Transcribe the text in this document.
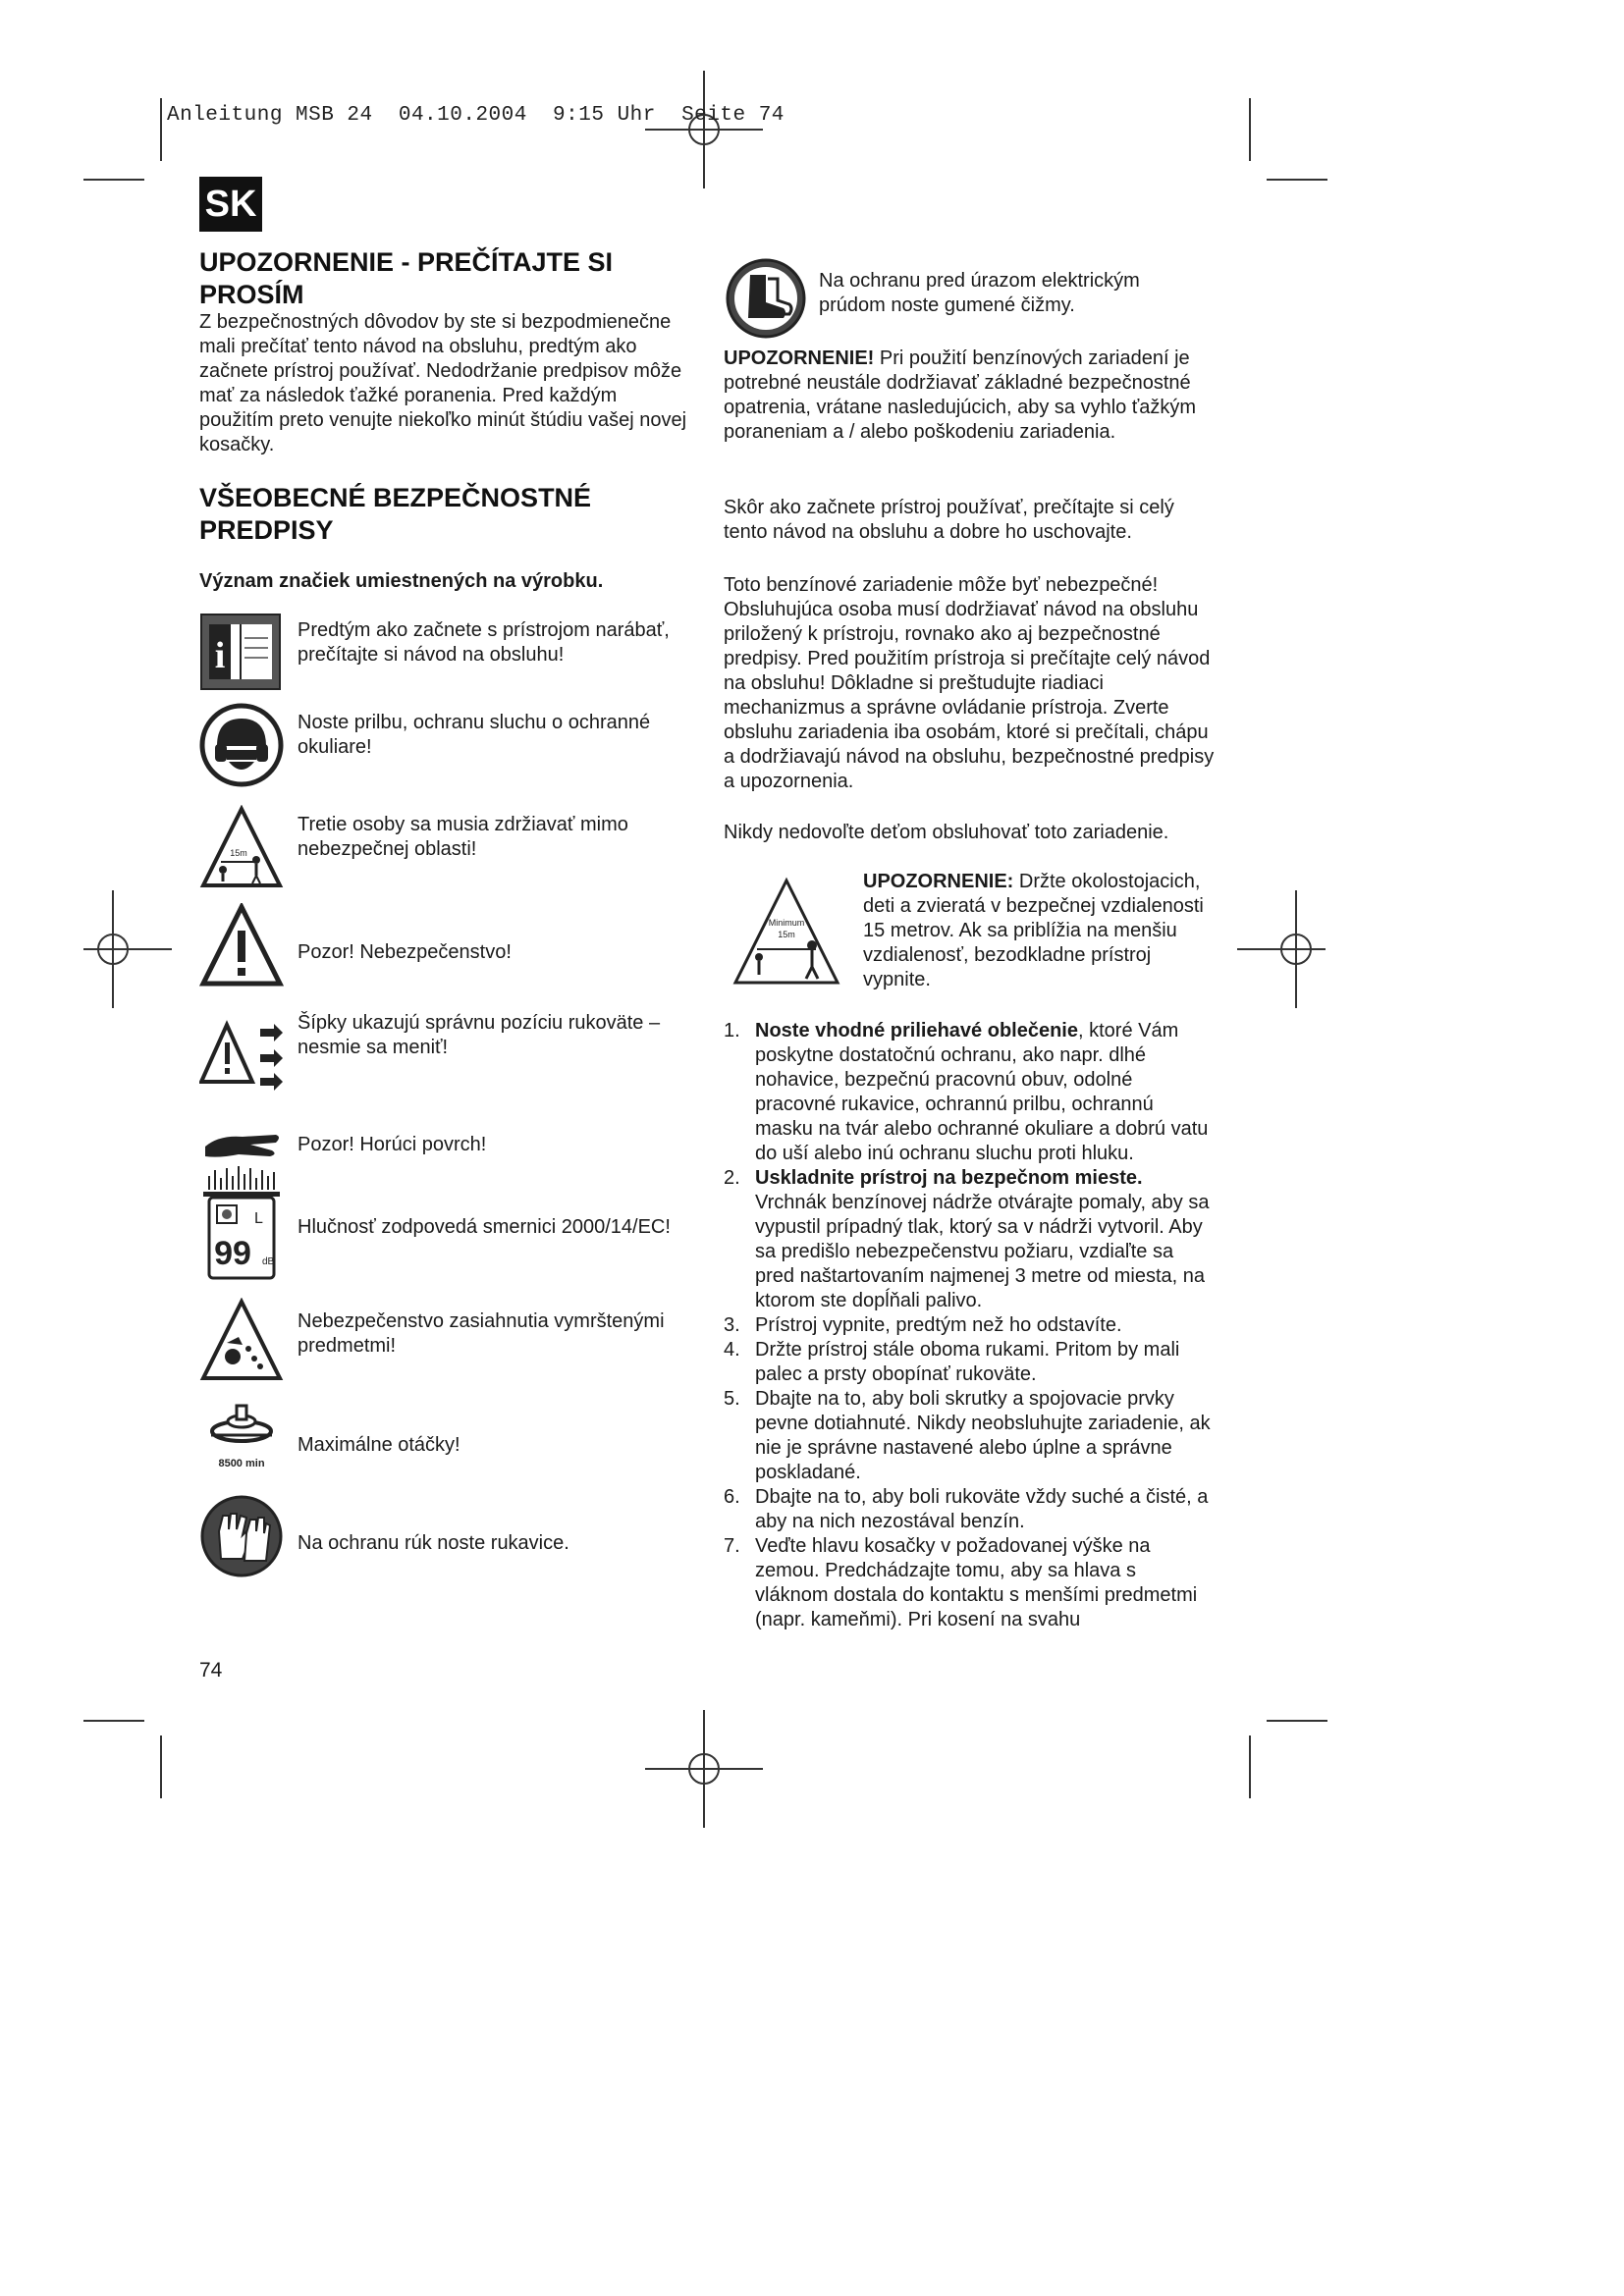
Anleitung MSB 24  04.10.2004  9:15 Uhr  Seite 74
SK
UPOZORNENIE - PREČÍTAJTE SI PROSÍM
Z bezpečnostných dôvodov by ste si bezpodmienečne mali prečítať tento návod na obsluhu, predtým ako začnete prístroj používať. Nedodržanie predpisov môže mať za následok ťažké poranenia. Pred každým použitím preto venujte niekoľko minút štúdiu vašej novej kosačky.
VŠEOBECNÉ BEZPEČNOSTNÉ PREDPISY
Význam značiek umiestnených na výrobku.
i
Predtým ako začnete s prístrojom narábať, prečítajte si návod na obsluhu!
Noste prilbu, ochranu sluchu o ochranné okuliare!
15m
Tretie osoby sa musia zdržiavať mimo nebezpečnej oblasti!
Pozor! Nebezpečenstvo!
Šípky ukazujú správnu pozíciu rukoväte – nesmie sa meniť!
Pozor! Horúci povrch!
L
99 dB
Hlučnosť zodpovedá smernici 2000/14/EC!
Nebezpečenstvo zasiahnutia vymrštenými predmetmi!
8500 min
Maximálne otáčky!
Na ochranu rúk noste rukavice.
Na ochranu pred úrazom elektrickým prúdom noste gumené čižmy.
UPOZORNENIE! Pri použití benzínových zariadení je potrebné neustále dodržiavať základné bezpečnostné opatrenia, vrátane nasledujúcich, aby sa vyhlo ťažkým poraneniam a / alebo poškodeniu zariadenia.
Skôr ako začnete prístroj používať, prečítajte si celý tento návod na obsluhu a dobre ho uschovajte.
Toto benzínové zariadenie môže byť nebezpečné! Obsluhujúca osoba musí dodržiavať návod na obsluhu priložený k prístroju, rovnako ako aj bezpečnostné predpisy. Pred použitím prístroja si prečítajte celý návod na obsluhu! Dôkladne si preštudujte riadiaci mechanizmus a správne ovládanie prístroja. Zverte obsluhu zariadenia iba osobám, ktoré si prečítali, chápu a dodržiavajú návod na obsluhu, bezpečnostné predpisy a upozornenia.
Nikdy nedovoľte deťom obsluhovať toto zariadenie.
Minimum
15m
UPOZORNENIE: Držte okolostojacich, deti a zvieratá v bezpečnej vzdialenosti 15 metrov. Ak sa priblížia na menšiu vzdialenosť, bezodkladne prístroj vypnite.
1. Noste vhodné priliehavé oblečenie, ktoré Vám poskytne dostatočnú ochranu, ako napr. dlhé nohavice, bezpečnú pracovnú obuv, odolné pracovné rukavice, ochrannú prilbu, ochrannú masku na tvár alebo ochranné okuliare a dobrú vatu do uší alebo inú ochranu sluchu proti hluku.
2. Uskladnite prístroj na bezpečnom mieste. Vrchnák benzínovej nádrže otvárajte pomaly, aby sa vypustil prípadný tlak, ktorý sa v nádrži vytvoril. Aby sa predišlo nebezpečenstvu požiaru, vzdiaľte sa pred naštartovaním najmenej 3 metre od miesta, na ktorom ste dopĺňali palivo.
3. Prístroj vypnite, predtým než ho odstavíte.
4. Držte prístroj stále oboma rukami. Pritom by mali palec a prsty obopínať rukoväte.
5. Dbajte na to, aby boli skrutky a spojovacie prvky pevne dotiahnuté. Nikdy neobsluhujte zariadenie, ak nie je správne nastavené alebo úplne a správne poskladané.
6. Dbajte na to, aby boli rukoväte vždy suché a čisté, a aby na nich nezostával benzín.
7. Veďte hlavu kosačky v požadovanej výške na zemou. Predchádzajte tomu, aby sa hlava s vláknom dostala do kontaktu s menšími predmetmi (napr. kameňmi). Pri kosení na svahu
74
